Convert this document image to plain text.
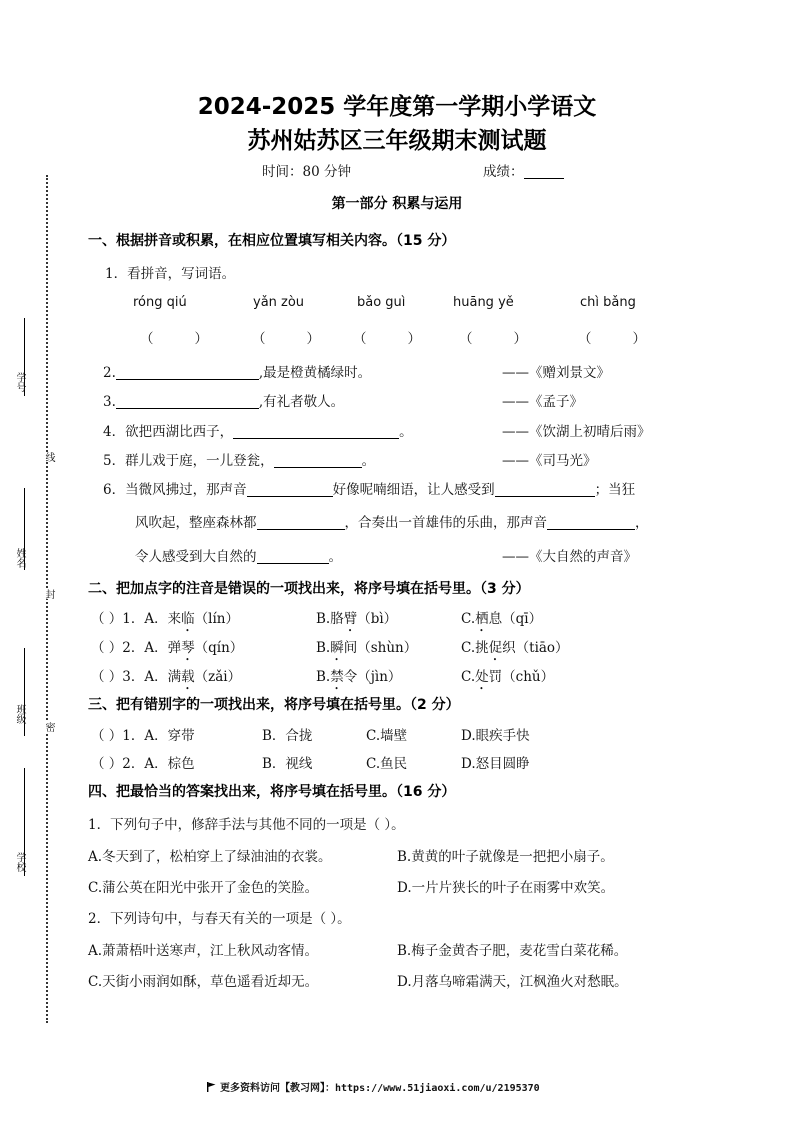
2024-2025 学年度第一学期小学语文
苏州姑苏区三年级期末测试题
时间：80 分钟	成绩：
第一部分 积累与运用
学号
线
姓名
封
班级
密
学校
一、根据拼音或积累，在相应位置填写相关内容。（15 分）
1．看拼音，写词语。
róng qiú	yǎn zòu	bǎo guì	huāng yě	chì bǎng
（	）	（	） （	）	（	）	（	）
2.	,最是橙黄橘绿时。	——《赠刘景文》
3.	,有礼者敬人。	——《孟子》
4．欲把西湖比西子，	。	——《饮湖上初晴后雨》
5．群儿戏于庭，一儿登瓮，	。	——《司马光》
6．当微风拂过，那声音	好像呢喃细语，让人感受到	；当狂
风吹起，整座森林都	，合奏出一首雄伟的乐曲，那声音	，
令人感受到大自然的	。	——《大自然的声音》
二、把加点字的注音是错误的一项找出来，将序号填在括号里。（3 分）
（ ）1．A．来临（lín）	B.胳臂（bì）	C.栖息（qī）
（ ）2．A．弹琴（qín）	B.瞬间（shùn）	C.挑促织（tiāo）
（ ）3．A．满载（zǎi）	B.禁令（jìn）	C.处罚（chǔ）
三、把有错别字的一项找出来，将序号填在括号里。（2 分）
（ ）1．A．穿带	B．合拢	C.墙壁	D.眼疾手快
（ ）2．A．棕色	B．视线	C.鱼民	D.怒目圆睁
四、把最恰当的答案找出来，将序号填在括号里。（16 分）
1．下列句子中，修辞手法与其他不同的一项是（ ）。
A.冬天到了，松柏穿上了绿油油的衣裳。	B.黄黄的叶子就像是一把把小扇子。
C.蒲公英在阳光中张开了金色的笑脸。	D.一片片狭长的叶子在雨雾中欢笑。
2．下列诗句中，与春天有关的一项是（ ）。
A.萧萧梧叶送寒声，江上秋风动客情。	B.梅子金黄杏子肥，麦花雪白菜花稀。
C.天街小雨润如酥，草色遥看近却无。	D.月落乌啼霜满天，江枫渔火对愁眠。
更多资料访问【教习网】：https://www.51jiaoxi.com/u/2195370
